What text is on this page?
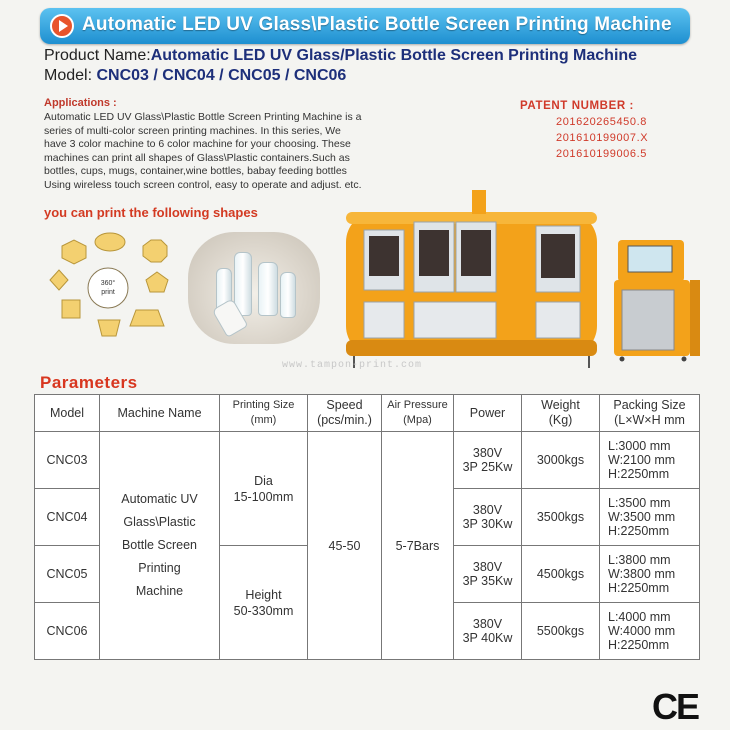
Automatic LED UV Glass\Plastic Bottle Screen Printing Machine
Product Name:Automatic LED UV Glass/Plastic Bottle Screen Printing Machine
Model: CNC03 / CNC04 / CNC05 / CNC06
Applications :
Automatic LED UV Glass\Plastic Bottle Screen Printing Machine is a
series of multi-color screen printing machines. In this series, We
have 3 color machine to 6 color machine for your choosing. These
machines can print all shapes of Glass\Plastic containers.Such as
bottles, cups, mugs, container,wine bottles, babay feeding bottles
Using wireless touch screen control, easy to operate and adjust. etc.
PATENT NUMBER :
201620265450.8
201610199007.X
201610199006.5
you can print the following shapes
360°
print
www.tampon-print.com
Parameters
Model	Machine Name	Printing Size
(mm)	Speed
(pcs/min.)	Air Pressure
(Mpa)	Power	Weight
(Kg)	Packing Size
(L×W×H mm

CNC03	Automatic UV
Glass\Plastic
Bottle Screen
Printing
Machine	Dia
15-100mm	45-50	5-7Bars	380V
3P 25Kw	3000kgs	L:3000 mm
W:2100 mm
H:2250mm

CNC04					380V
3P 30Kw	3500kgs	L:3500 mm
W:3500 mm
H:2250mm

CNC05		Height
50-330mm			380V
3P 35Kw	4500kgs	L:3800 mm
W:3800 mm
H:2250mm

CNC06					380V
3P 40Kw	5500kgs	L:4000 mm
W:4000 mm
H:2250mm
CE
